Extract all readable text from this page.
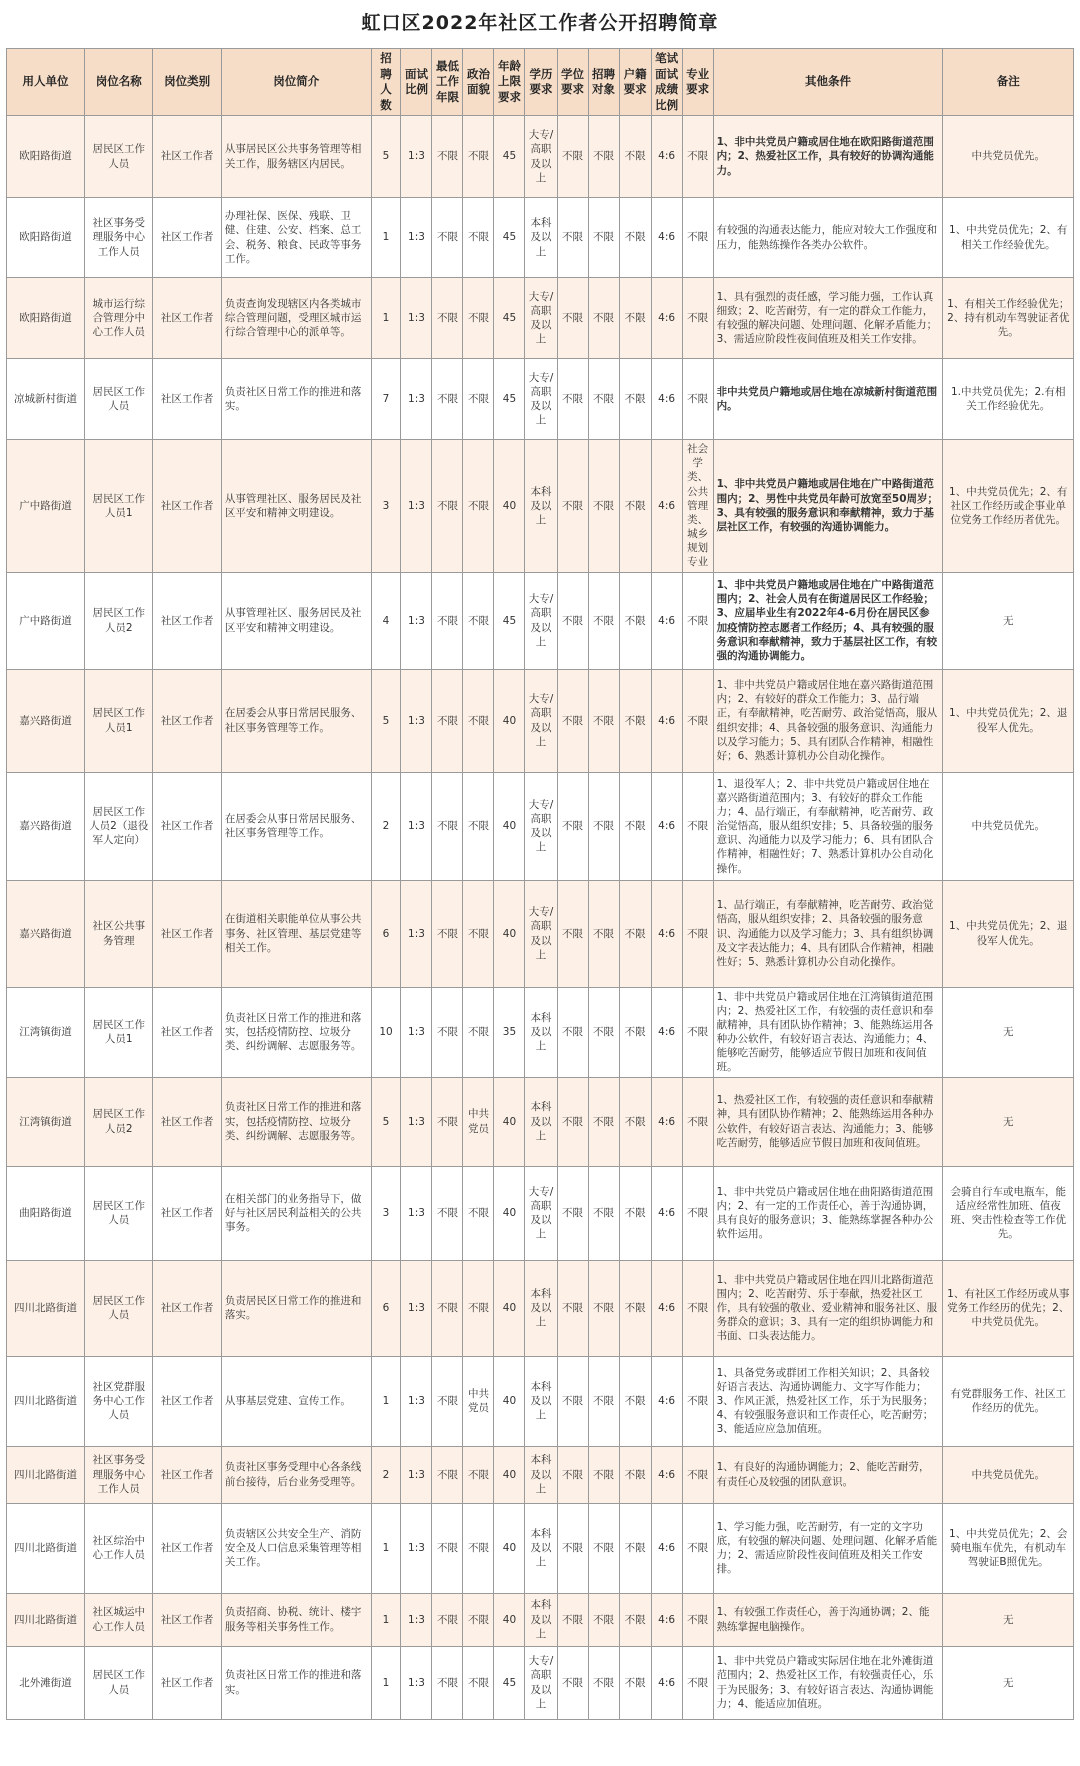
虹口区2022年社区工作者公开招聘简章
用人单位	岗位名称	岗位类别	岗位简介	招聘人数	面试比例	最低工作年限	政治面貌	年龄上限要求	学历要求	学位要求	招聘对象	户籍要求	笔试面试成绩比例	专业要求	其他条件	备注
欧阳路街道	居民区工作人员	社区工作者	从事居民区公共事务管理等相关工作，服务辖区内居民。	5	1:3	不限	不限	45	大专/高职及以上	不限	不限	不限	4:6	不限	1、非中共党员户籍或居住地在欧阳路街道范围内；2、热爱社区工作，具有较好的协调沟通能力。	中共党员优先。
欧阳路街道	社区事务受理服务中心工作人员	社区工作者	办理社保、医保、残联、卫健、住建、公安、档案、总工会、税务、粮食、民政等事务工作。	1	1:3	不限	不限	45	本科及以上	不限	不限	不限	4:6	不限	有较强的沟通表达能力，能应对较大工作强度和压力，能熟练操作各类办公软件。	1、中共党员优先；2、有相关工作经验优先。
欧阳路街道	城市运行综合管理分中心工作人员	社区工作者	负责查询发现辖区内各类城市综合管理问题，受理区城市运行综合管理中心的派单等。	1	1:3	不限	不限	45	大专/高职及以上	不限	不限	不限	4:6	不限	1、具有强烈的责任感，学习能力强，工作认真细致；2、吃苦耐劳，有一定的群众工作能力，有较强的解决问题、处理问题、化解矛盾能力；3、需适应阶段性夜间值班及相关工作安排。	1、有相关工作经验优先；2、持有机动车驾驶证者优先。
凉城新村街道	居民区工作人员	社区工作者	负责社区日常工作的推进和落实。	7	1:3	不限	不限	45	大专/高职及以上	不限	不限	不限	4:6	不限	非中共党员户籍地或居住地在凉城新村街道范围内。	1.中共党员优先；2.有相关工作经验优先。
广中路街道	居民区工作人员1	社区工作者	从事管理社区、服务居民及社区平安和精神文明建设。	3	1:3	不限	不限	40	本科及以上	不限	不限	不限	4:6	社会学类、公共管理类、城乡规划专业	1、非中共党员户籍地或居住地在广中路街道范围内；2、男性中共党员年龄可放宽至50周岁；3、具有较强的服务意识和奉献精神，致力于基层社区工作，有较强的沟通协调能力。	1、中共党员优先；2、有社区工作经历或企事业单位党务工作经历者优先。
广中路街道	居民区工作人员2	社区工作者	从事管理社区、服务居民及社区平安和精神文明建设。	4	1:3	不限	不限	45	大专/高职及以上	不限	不限	不限	4:6	不限	1、非中共党员户籍地或居住地在广中路街道范围内；2、社会人员有在街道居民区工作经验；3、应届毕业生有2022年4-6月份在居民区参加疫情防控志愿者工作经历；4、具有较强的服务意识和奉献精神，致力于基层社区工作，有较强的沟通协调能力。	无
嘉兴路街道	居民区工作人员1	社区工作者	在居委会从事日常居民服务、社区事务管理等工作。	5	1:3	不限	不限	40	大专/高职及以上	不限	不限	不限	4:6	不限	1、非中共党员户籍或居住地在嘉兴路街道范围内；2、有较好的群众工作能力；3、品行端正，有奉献精神，吃苦耐劳、政治觉悟高，服从组织安排；4、具备较强的服务意识、沟通能力以及学习能力；5、具有团队合作精神，相融性好；6、熟悉计算机办公自动化操作。	1、中共党员优先；2、退役军人优先。
嘉兴路街道	居民区工作人员2（退役军人定向）	社区工作者	在居委会从事日常居民服务、社区事务管理等工作。	2	1:3	不限	不限	40	大专/高职及以上	不限	不限	不限	4:6	不限	1、退役军人；2、非中共党员户籍或居住地在嘉兴路街道范围内；3、有较好的群众工作能力；4、品行端正，有奉献精神，吃苦耐劳、政治觉悟高，服从组织安排；5、具备较强的服务意识、沟通能力以及学习能力；6、具有团队合作精神，相融性好；7、熟悉计算机办公自动化操作。	中共党员优先。
嘉兴路街道	社区公共事务管理	社区工作者	在街道相关职能单位从事公共事务、社区管理、基层党建等相关工作。	6	1:3	不限	不限	40	大专/高职及以上	不限	不限	不限	4:6	不限	1、品行端正，有奉献精神，吃苦耐劳、政治觉悟高，服从组织安排；2、具备较强的服务意识、沟通能力以及学习能力；3、具有组织协调及文字表达能力；4、具有团队合作精神，相融性好；5、熟悉计算机办公自动化操作。	1、中共党员优先；2、退役军人优先。
江湾镇街道	居民区工作人员1	社区工作者	负责社区日常工作的推进和落实，包括疫情防控、垃圾分类、纠纷调解、志愿服务等。	10	1:3	不限	不限	35	本科及以上	不限	不限	不限	4:6	不限	1、非中共党员户籍或居住地在江湾镇街道范围内；2、热爱社区工作，有较强的责任意识和奉献精神，具有团队协作精神；3、能熟练运用各种办公软件，有较好语言表达、沟通能力；4、能够吃苦耐劳，能够适应节假日加班和夜间值班。	无
江湾镇街道	居民区工作人员2	社区工作者	负责社区日常工作的推进和落实，包括疫情防控、垃圾分类、纠纷调解、志愿服务等。	5	1:3	不限	中共党员	40	本科及以上	不限	不限	不限	4:6	不限	1、热爱社区工作，有较强的责任意识和奉献精神，具有团队协作精神；2、能熟练运用各种办公软件，有较好语言表达、沟通能力；3、能够吃苦耐劳，能够适应节假日加班和夜间值班。	无
曲阳路街道	居民区工作人员	社区工作者	在相关部门的业务指导下，做好与社区居民利益相关的公共事务。	3	1:3	不限	不限	40	大专/高职及以上	不限	不限	不限	4:6	不限	1、非中共党员户籍或居住地在曲阳路街道范围内；2、有一定的工作责任心，善于沟通协调，具有良好的服务意识；3、能熟练掌握各种办公软件运用。	会骑自行车或电瓶车，能适应经常性加班、值夜班、突击性检查等工作优先。
四川北路街道	居民区工作人员	社区工作者	负责居民区日常工作的推进和落实。	6	1:3	不限	不限	40	本科及以上	不限	不限	不限	4:6	不限	1、非中共党员户籍或居住地在四川北路街道范围内；2、吃苦耐劳、乐于奉献，热爱社区工作，具有较强的敬业、爱业精神和服务社区、服务群众的意识；3、具有一定的组织协调能力和书面、口头表达能力。	1、有社区工作经历或从事党务工作经历的优先；2、中共党员优先。
四川北路街道	社区党群服务中心工作人员	社区工作者	从事基层党建、宣传工作。	1	1:3	不限	中共党员	40	本科及以上	不限	不限	不限	4:6	不限	1、具备党务或群团工作相关知识；2、具备较好语言表达、沟通协调能力、文字写作能力；3、作风正派，热爱社区工作，乐于为民服务；4、有较强服务意识和工作责任心，吃苦耐劳；3、能适应应急加值班。	有党群服务工作、社区工作经历的优先。
四川北路街道	社区事务受理服务中心工作人员	社区工作者	负责社区事务受理中心各条线前台接待，后台业务受理等。	2	1:3	不限	不限	40	本科及以上	不限	不限	不限	4:6	不限	1、有良好的沟通协调能力；2、能吃苦耐劳，有责任心及较强的团队意识。	中共党员优先。
四川北路街道	社区综治中心工作人员	社区工作者	负责辖区公共安全生产、消防安全及人口信息采集管理等相关工作。	1	1:3	不限	不限	40	本科及以上	不限	不限	不限	4:6	不限	1、学习能力强，吃苦耐劳，有一定的文字功底，有较强的解决问题、处理问题、化解矛盾能力；2、需适应阶段性夜间值班及相关工作安排。	1、中共党员优先；2、会骑电瓶车优先，有机动车驾驶证B照优先。
四川北路街道	社区城运中心工作人员	社区工作者	负责招商、协税、统计、楼宇服务等相关事务性工作。	1	1:3	不限	不限	40	本科及以上	不限	不限	不限	4:6	不限	1、有较强工作责任心，善于沟通协调；2、能熟练掌握电脑操作。	无
北外滩街道	居民区工作人员	社区工作者	负责社区日常工作的推进和落实。	1	1:3	不限	不限	45	大专/高职及以上	不限	不限	不限	4:6	不限	1、非中共党员户籍或实际居住地在北外滩街道范围内；2、热爱社区工作，有较强责任心，乐于为民服务；3、有较好语言表达、沟通协调能力；4、能适应加值班。	无
